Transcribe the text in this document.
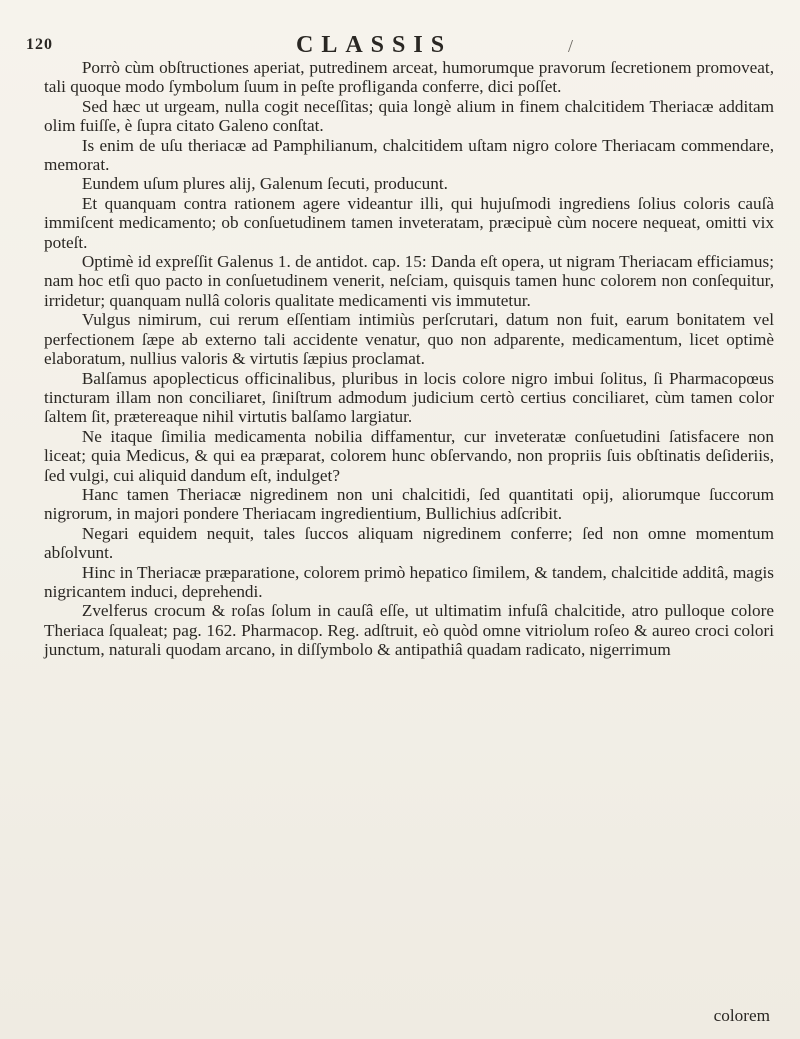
120	CLASSIS	/

Porrò cùm obſtructiones aperiat, putredinem arceat, humorumque pravorum ſecretionem promoveat, tali quoque modo ſymbolum ſuum in peſte profliganda conferre, dici poſſet.

Sed hæc ut urgeam, nulla cogit neceſſitas; quia longè alium in finem chalcitidem Theriacæ additam olim fuiſſe, è ſupra citato Galeno conſtat.

Is enim de uſu theriacæ ad Pamphilianum, chalcitidem uſtam nigro colore Theriacam commendare, memorat.

Eundem uſum plures alij, Galenum ſecuti, producunt.

Et quanquam contra rationem agere videantur illi, qui hujuſmodi ingrediens ſolius coloris cauſà immiſcent medicamento; ob conſuetudinem tamen inveteratam, præcipuè cùm nocere nequeat, omitti vix poteſt.

Optimè id expreſſit Galenus 1. de antidot. cap. 15: Danda eſt opera, ut nigram Theriacam efficiamus; nam hoc etſi quo pacto in conſuetudinem venerit, neſciam, quisquis tamen hunc colorem non conſequitur, irridetur; quanquam nullâ coloris qualitate medicamenti vis immutetur.

Vulgus nimirum, cui rerum eſſentiam intimiùs perſcrutari, datum non fuit, earum bonitatem vel perfectionem ſæpe ab externo tali accidente venatur, quo non adparente, medicamentum, licet optimè elaboratum, nullius valoris & virtutis ſæpius proclamat.

Balſamus apoplecticus officinalibus, pluribus in locis colore nigro imbui ſolitus, ſi Pharmacopœus tincturam illam non conciliaret, ſiniſtrum admodum judicium certò certius conciliaret, cùm tamen color ſaltem ſit, prætereaque nihil virtutis balſamo largiatur.

Ne itaque ſimilia medicamenta nobilia diffamentur, cur inveteratæ conſuetudini ſatisfacere non liceat; quia Medicus, & qui ea præparat, colorem hunc obſervando, non propriis ſuis obſtinatis deſideriis, ſed vulgi, cui aliquid dandum eſt, indulget?

Hanc tamen Theriacæ nigredinem non uni chalcitidi, ſed quantitati opij, aliorumque ſuccorum nigrorum, in majori pondere Theriacam ingredientium, Bullichius adſcribit.

Negari equidem nequit, tales ſuccos aliquam nigredinem conferre; ſed non omne momentum abſolvunt.

Hinc in Theriacæ præparatione, colorem primò hepatico ſimilem, & tandem, chalcitide additâ, magis nigricantem induci, deprehendi.

Zvelferus crocum & roſas ſolum in cauſâ eſſe, ut ultimatim infuſâ chalcitide, atro pulloque colore Theriaca ſqualeat; pag. 162. Pharmacop. Reg. adſtruit, eò quòd omne vitriolum roſeo & aureo croci colori junctum, naturali quodam arcano, in diſſymbolo & antipathiâ quadam radicato, nigerrimum

colorem
